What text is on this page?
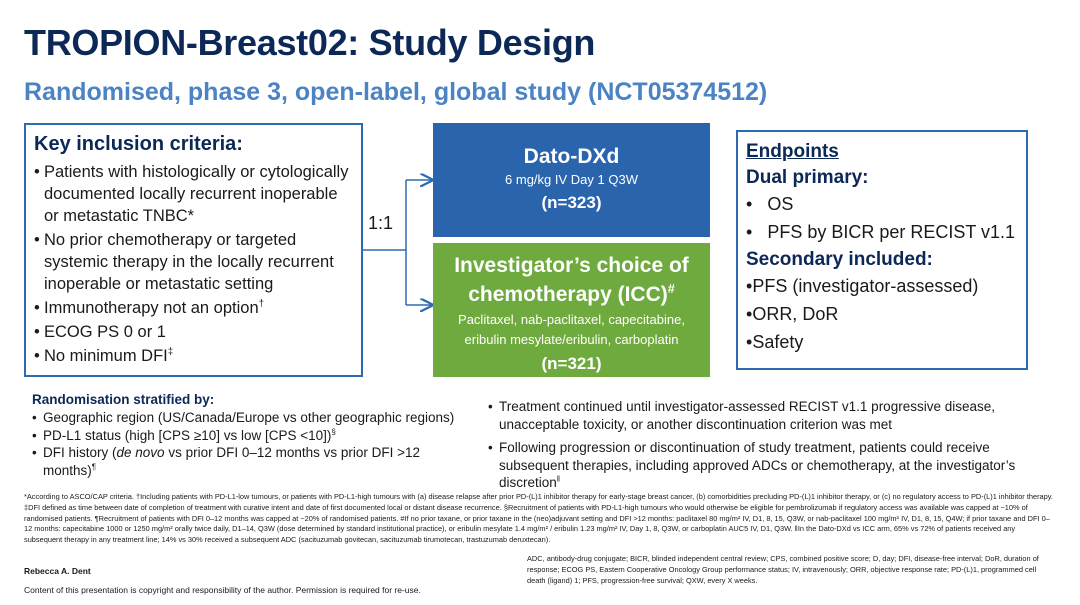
TROPION-Breast02: Study Design
Randomised, phase 3, open-label, global study (NCT05374512)
Key inclusion criteria:
• Patients with histologically or cytologically documented locally recurrent inoperable or metastatic TNBC*
• No prior chemotherapy or targeted systemic therapy in the locally recurrent inoperable or metastatic setting
• Immunotherapy not an option†
• ECOG PS 0 or 1
• No minimum DFI‡
1:1
Dato-DXd
6 mg/kg IV Day 1 Q3W
(n=323)
Investigator’s choice of
chemotherapy (ICC)#
Paclitaxel, nab-paclitaxel, capecitabine,
eribulin mesylate/eribulin, carboplatin
(n=321)
Endpoints
Dual primary:
•   OS
•   PFS by BICR per RECIST v1.1
Secondary included:
•PFS (investigator-assessed)
•ORR, DoR
•Safety
Randomisation stratified by:
• Geographic region (US/Canada/Europe vs other geographic regions)
• PD-L1 status (high [CPS ≥10] vs low [CPS <10])§
• DFI history (de novo vs prior DFI 0–12 months vs prior DFI >12 months)¶
• Treatment continued until investigator-assessed RECIST v1.1 progressive disease, unacceptable toxicity, or another discontinuation criterion was met
• Following progression or discontinuation of study treatment, patients could receive subsequent therapies, including approved ADCs or chemotherapy, at the investigator’s discretion$^ǁ$
*According to ASCO/CAP criteria. †Including patients with PD-L1-low tumours, or patients with PD-L1-high tumours with (a) disease relapse after prior PD-(L)1 inhibitor therapy for early-stage breast cancer, (b) comorbidities precluding PD-(L)1 inhibitor therapy, or (c) no regulatory access to PD-(L)1 inhibitor therapy. ‡DFI defined as time between date of completion of treatment with curative intent and date of first documented local or distant disease recurrence. §Recruitment of patients with PD-L1-high tumours who would otherwise be eligible for pembrolizumab if regulatory access was available was capped at ~10% of randomised patients. ¶Recruitment of patients with DFI 0–12 months was capped at ~20% of randomised patients. #If no prior taxane, or prior taxane in the (neo)adjuvant setting and DFI >12 months: paclitaxel 80 mg/m² IV, D1, 8, 15, Q3W, or nab-paclitaxel 100 mg/m² IV, D1, 8, 15, Q4W; if prior taxane and DFI 0–12 months: capecitabine 1000 or 1250 mg/m² orally twice daily, D1–14, Q3W (dose determined by standard institutional practice), or eribulin mesylate 1.4 mg/m² / eribulin 1.23 mg/m² IV, Day 1, 8, Q3W, or carboplatin AUC5 IV, D1, Q3W. ǁIn the Dato-DXd vs ICC arm, 65% vs 72% of patients received any subsequent therapy in any treatment line; 14% vs 30% received a subsequent ADC (sacituzumab govitecan, sacituzumab tirumotecan, trastuzumab deruxtecan).
Rebecca A. Dent
Content of this presentation is copyright and responsibility of the author. Permission is required for re-use.
ADC, antibody-drug conjugate; BICR, blinded independent central review; CPS, combined positive score; D, day; DFI, disease-free interval; DoR, duration of response; ECOG PS, Eastern Cooperative Oncology Group performance status; IV, intravenously; ORR, objective response rate; PD-(L)1, programmed cell death (ligand) 1; PFS, progression-free survival; QXW, every X weeks.
